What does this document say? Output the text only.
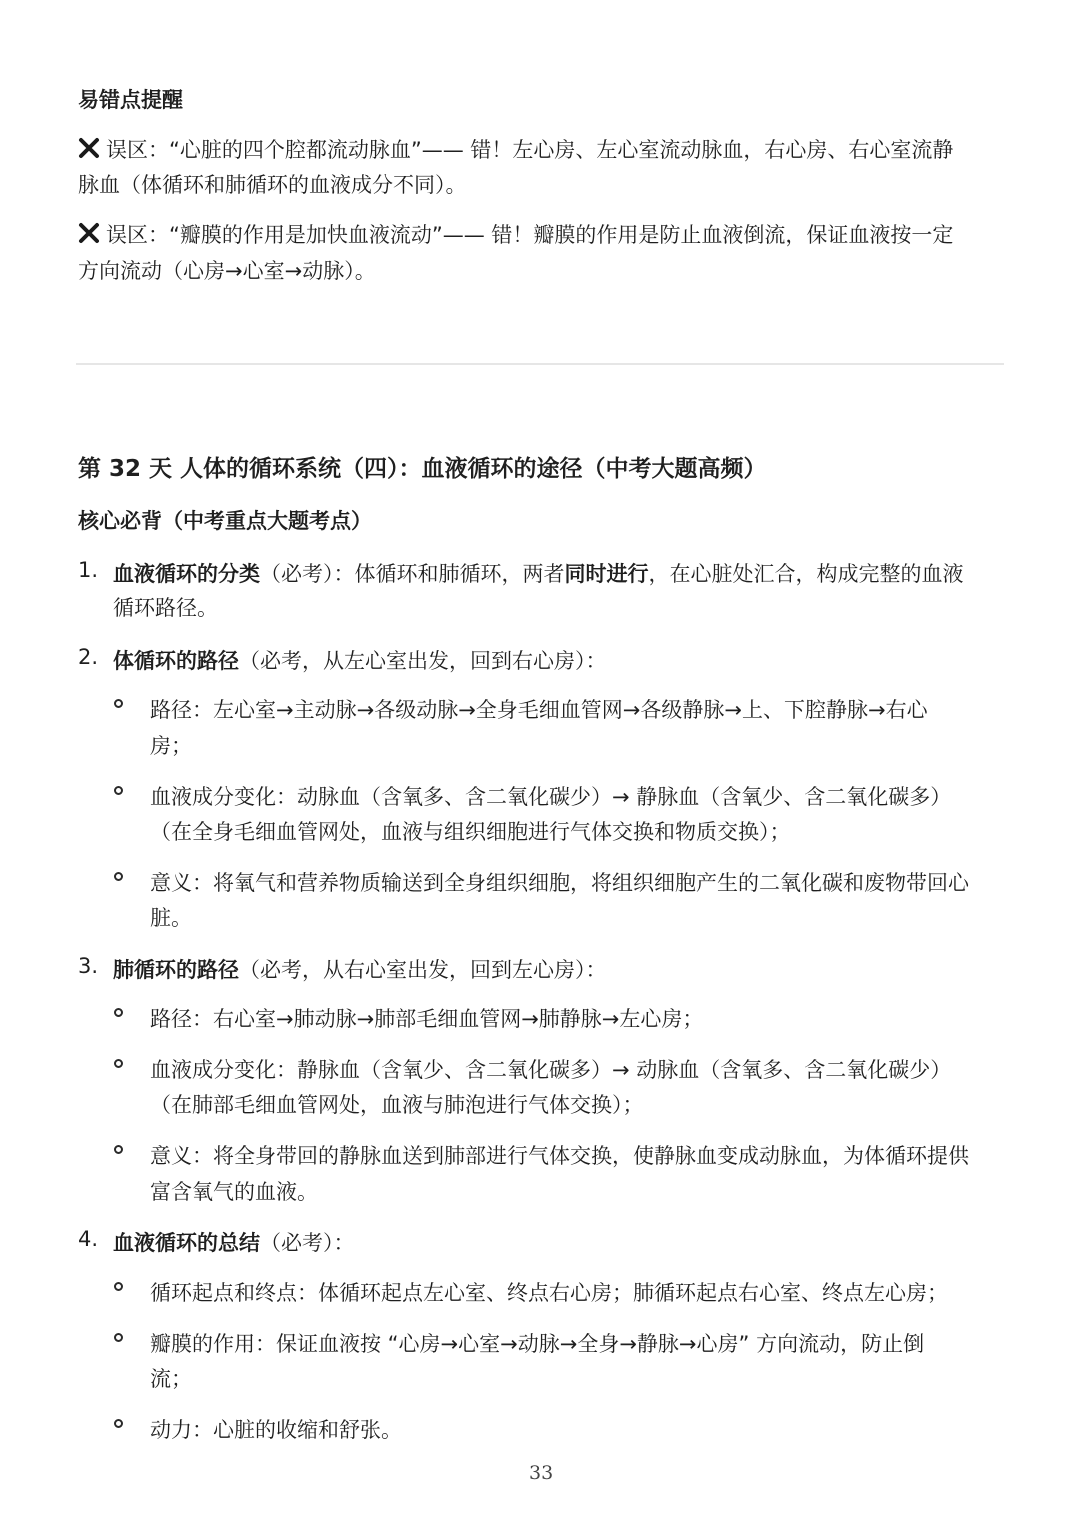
易错点提醒
误区：“心脏的四个腔都流动脉血”—— 错！左心房、左心室流动脉血，右心房、右心室流静
脉血（体循环和肺循环的血液成分不同）。
误区：“瓣膜的作用是加快血液流动”—— 错！瓣膜的作用是防止血液倒流，保证血液按一定
方向流动（心房→心室→动脉）。
第 32 天 人体的循环系统（四）：血液循环的途径（中考大题高频）
核心必背（中考重点大题考点）
1. 血液循环的分类（必考）：体循环和肺循环，两者同时进行，在心脏处汇合，构成完整的血液
循环路径。
2. 体循环的路径（必考，从左心室出发，回到右心房）：
路径：左心室→主动脉→各级动脉→全身毛细血管网→各级静脉→上、下腔静脉→右心
房；
血液成分变化：动脉血（含氧多、含二氧化碳少）→ 静脉血（含氧少、含二氧化碳多）
（在全身毛细血管网处，血液与组织细胞进行气体交换和物质交换）；
意义：将氧气和营养物质输送到全身组织细胞，将组织细胞产生的二氧化碳和废物带回心
脏。
3. 肺循环的路径（必考，从右心室出发，回到左心房）：
路径：右心室→肺动脉→肺部毛细血管网→肺静脉→左心房；
血液成分变化：静脉血（含氧少、含二氧化碳多）→ 动脉血（含氧多、含二氧化碳少）
（在肺部毛细血管网处，血液与肺泡进行气体交换）；
意义：将全身带回的静脉血送到肺部进行气体交换，使静脉血变成动脉血，为体循环提供
富含氧气的血液。
4. 血液循环的总结（必考）：
循环起点和终点：体循环起点左心室、终点右心房；肺循环起点右心室、终点左心房；
瓣膜的作用：保证血液按 “心房→心室→动脉→全身→静脉→心房” 方向流动，防止倒
流；
动力：心脏的收缩和舒张。
33
